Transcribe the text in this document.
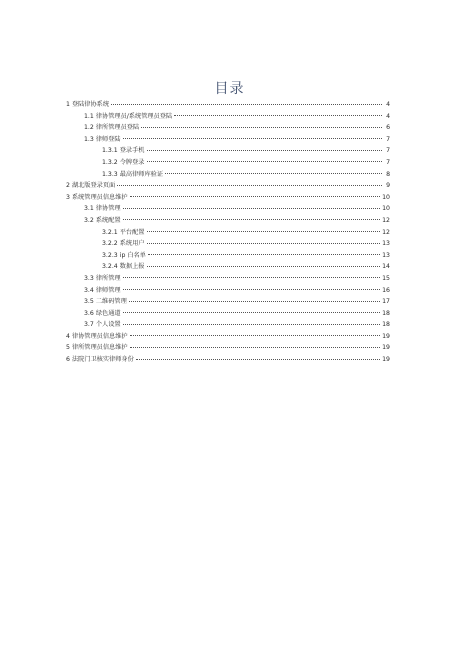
目录
1 登陆律协系统	4
1.1 律协管理员/系统管理员登陆	4
1.2 律所管理员登陆	6
1.3 律师登陆	7
1.3.1 登录手机	7
1.3.2 令牌登录	7
1.3.3 最高律师库验证	8
2 湖北版登录页面	9
3 系统管理员信息维护	10
3.1 律协管理	10
3.2 系统配置	12
3.2.1 平台配置	12
3.2.2 系统用户	13
3.2.3 ip 白名单	13
3.2.4 数据上报	14
3.3 律所管理	15
3.4 律师管理	16
3.5 二维码管理	17
3.6 绿色通道	18
3.7 个人设置	18
4 律协管理员信息维护	19
5 律所管理员信息维护	19
6 法院门卫核实律师身份	19
